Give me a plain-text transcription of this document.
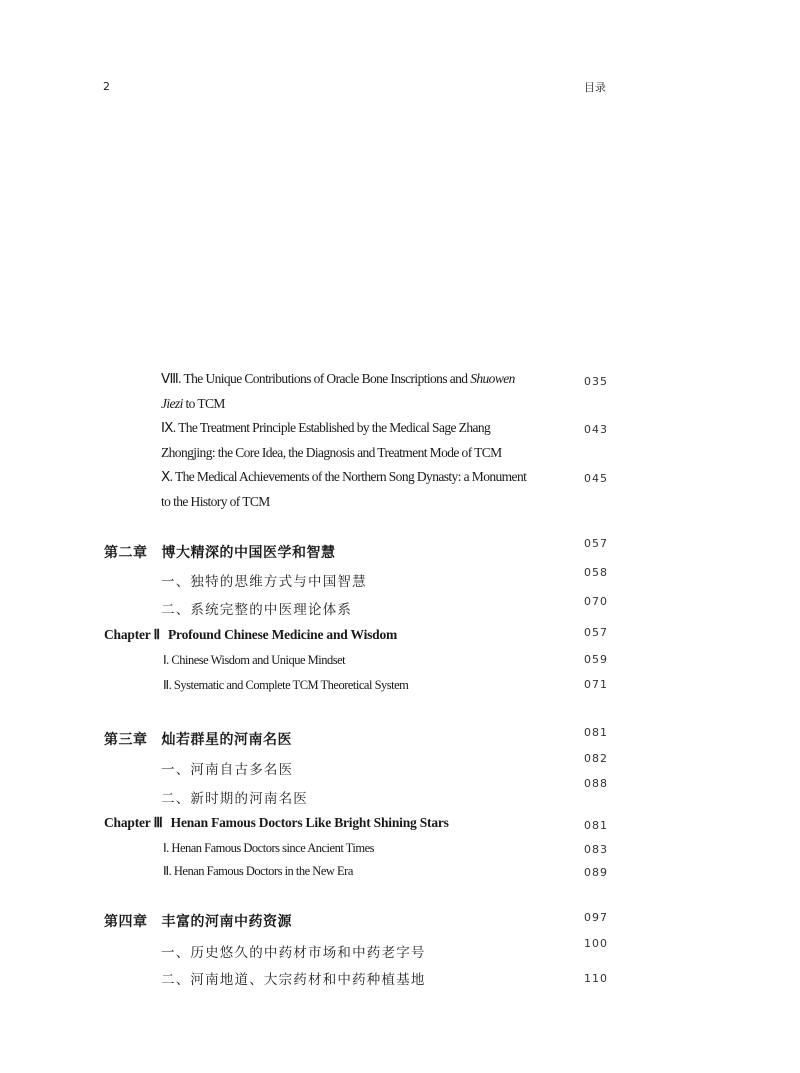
2	目录
Ⅷ. The Unique Contributions of Oracle Bone Inscriptions and Shuowen
Jiezi to TCM
035
Ⅸ. The Treatment Principle Established by the Medical Sage Zhang
Zhongjing: the Core Idea, the Diagnosis and Treatment Mode of TCM
043
Ⅹ. The Medical Achievements of the Northern Song Dynasty: a Monument
to the History of TCM
045
第二章 博大精深的中国医学和智慧
057
一、独特的思维方式与中国智慧
058
二、系统完整的中医理论体系
070
Chapter Ⅱ Profound Chinese Medicine and Wisdom	057
Ⅰ. Chinese Wisdom and Unique Mindset	059
Ⅱ. Systematic and Complete TCM Theoretical System	071
第三章 灿若群星的河南名医	081
一、河南自古多名医
082
二、新时期的河南名医
088
Chapter Ⅲ Henan Famous Doctors Like Bright Shining Stars	081
Ⅰ. Henan Famous Doctors since Ancient Times	083
Ⅱ. Henan Famous Doctors in the New Era	089
第四章 丰富的河南中药资源	097
一、历史悠久的中药材市场和中药老字号
100
二、河南地道、大宗药材和中药种植基地	110
